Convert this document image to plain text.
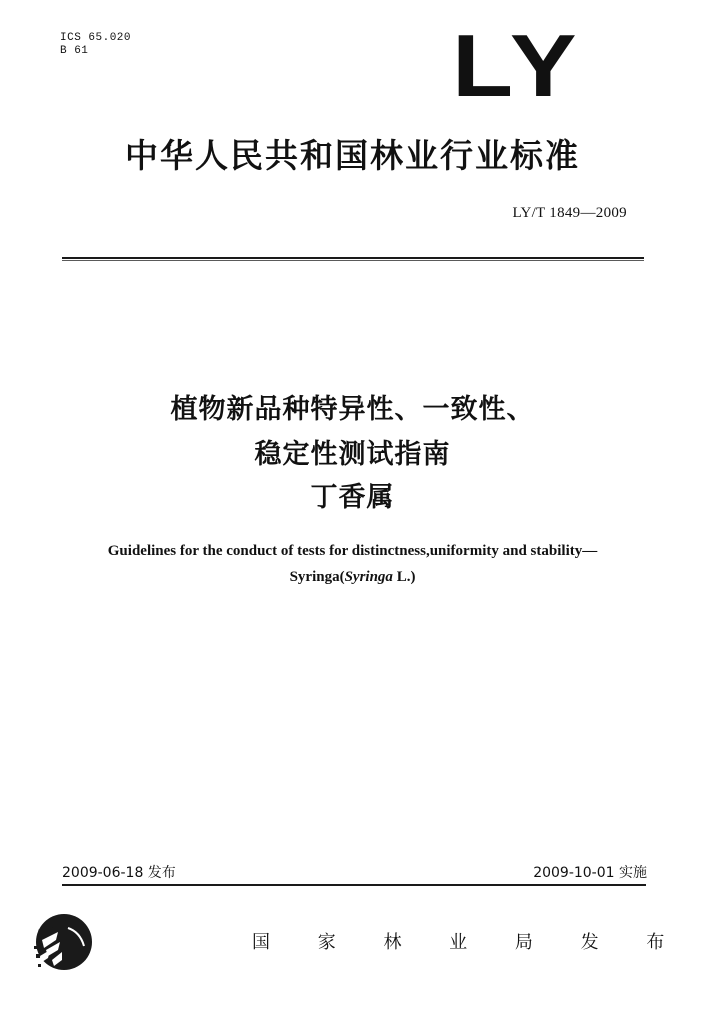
ICS 65.020
B 61	LY
中华人民共和国林业行业标准
LY/T 1849—2009
植物新品种特异性、一致性、
稳定性测试指南
丁香属
Guidelines for the conduct of tests for distinctness,uniformity and stability—
Syringa(Syringa L.)
2009-06-18 发布	2009-10-01 实施
国 家 林 业 局 发 布
